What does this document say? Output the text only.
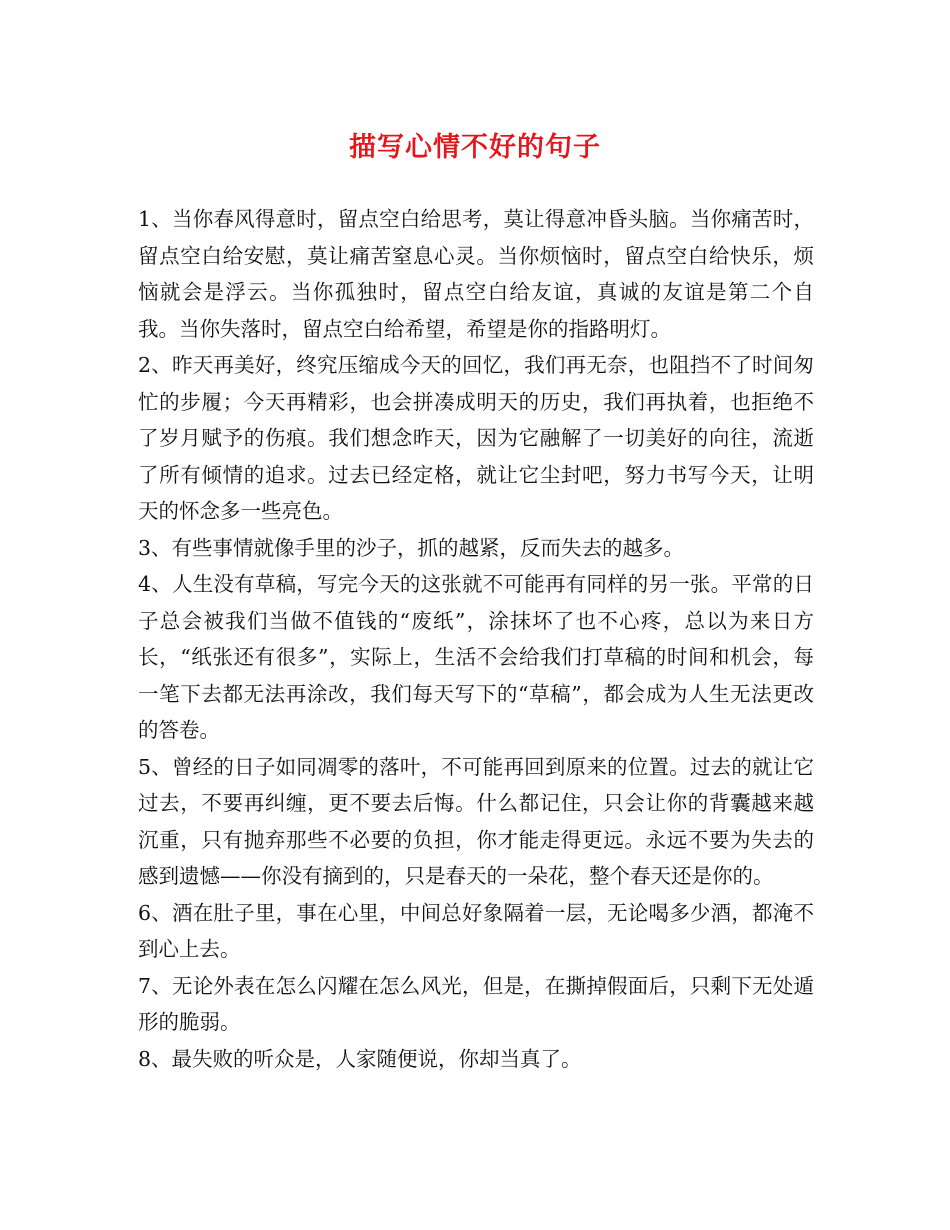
描写心情不好的句子

1、当你春风得意时，留点空白给思考，莫让得意冲昏头脑。当你痛苦时，留点空白给安慰，莫让痛苦窒息心灵。当你烦恼时，留点空白给快乐，烦恼就会是浮云。当你孤独时，留点空白给友谊，真诚的友谊是第二个自我。当你失落时，留点空白给希望，希望是你的指路明灯。

2、昨天再美好，终究压缩成今天的回忆，我们再无奈，也阻挡不了时间匆忙的步履；今天再精彩，也会拼凑成明天的历史，我们再执着，也拒绝不了岁月赋予的伤痕。我们想念昨天，因为它融解了一切美好的向往，流逝了所有倾情的追求。过去已经定格，就让它尘封吧，努力书写今天，让明天的怀念多一些亮色。

3、有些事情就像手里的沙子，抓的越紧，反而失去的越多。

4、人生没有草稿，写完今天的这张就不可能再有同样的另一张。平常的日子总会被我们当做不值钱的“废纸”，涂抹坏了也不心疼，总以为来日方长，“纸张还有很多”，实际上，生活不会给我们打草稿的时间和机会，每一笔下去都无法再涂改，我们每天写下的“草稿”，都会成为人生无法更改的答卷。

5、曾经的日子如同凋零的落叶，不可能再回到原来的位置。过去的就让它过去，不要再纠缠，更不要去后悔。什么都记住，只会让你的背囊越来越沉重，只有抛弃那些不必要的负担，你才能走得更远。永远不要为失去的感到遗憾——你没有摘到的，只是春天的一朵花，整个春天还是你的。

6、酒在肚子里，事在心里，中间总好象隔着一层，无论喝多少酒，都淹不到心上去。

7、无论外表在怎么闪耀在怎么风光，但是，在撕掉假面后，只剩下无处遁形的脆弱。

8、最失败的听众是，人家随便说，你却当真了。
